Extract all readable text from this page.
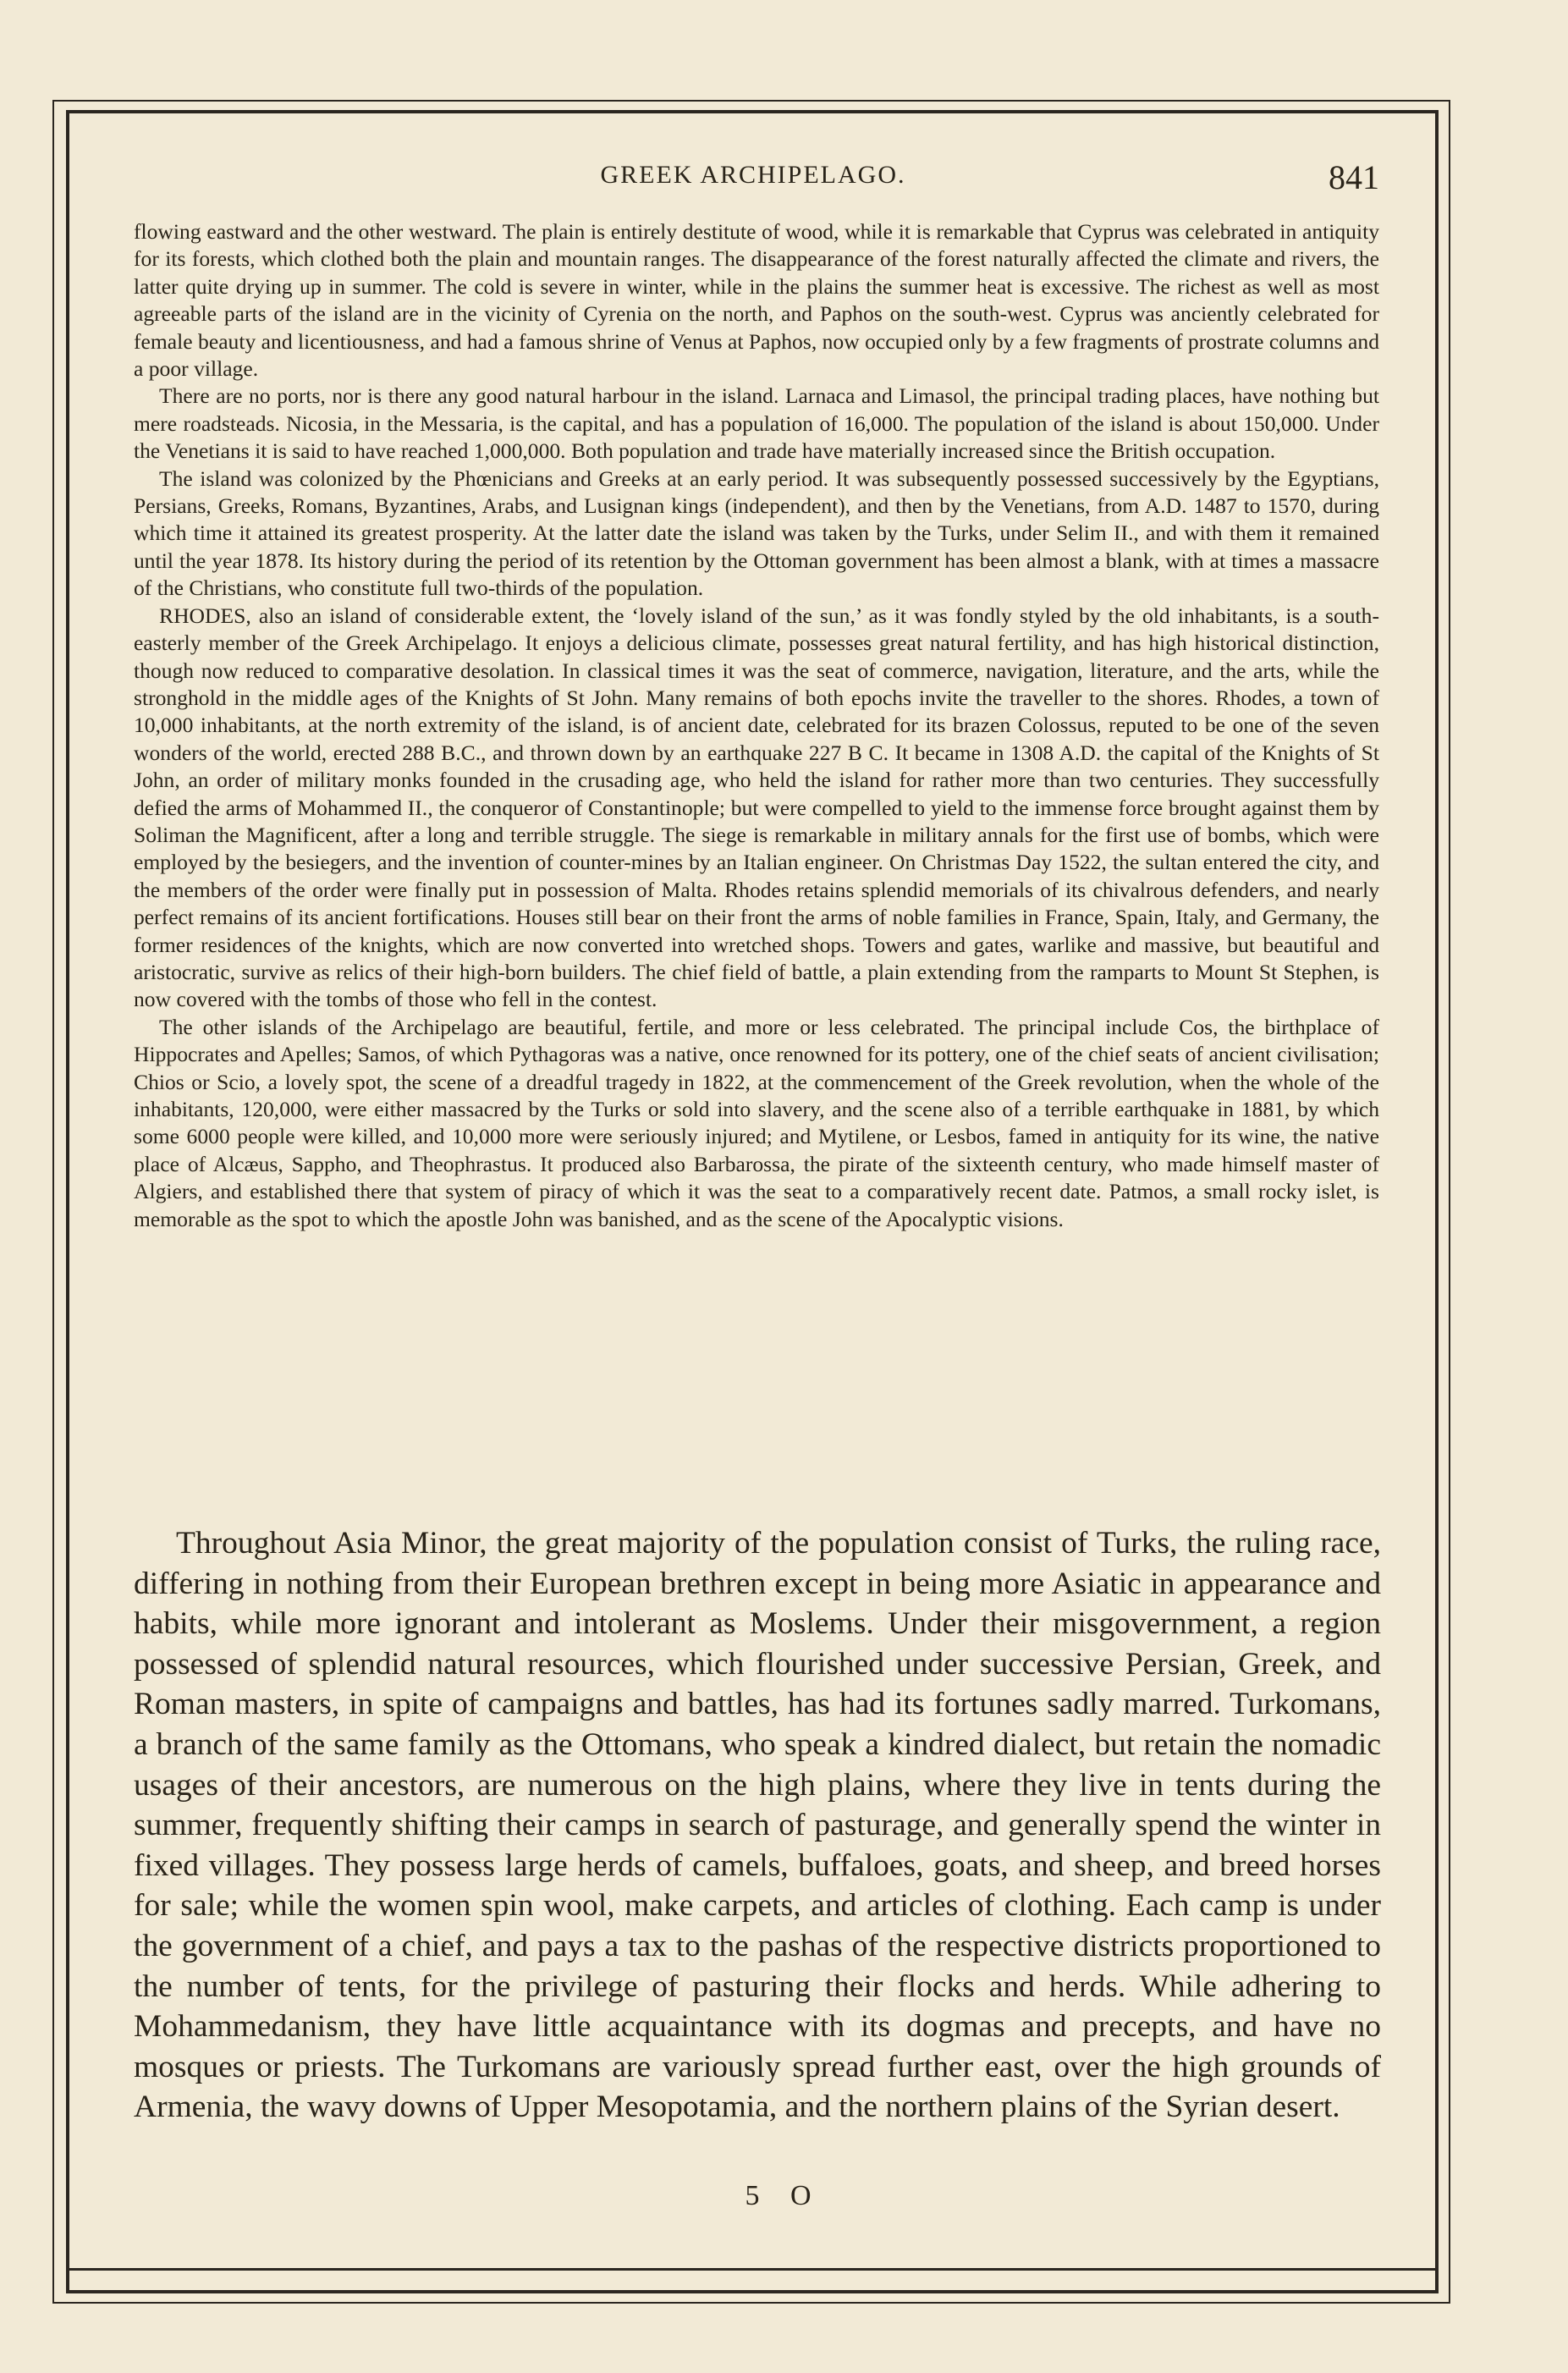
GREEK ARCHIPELAGO.	841

flowing eastward and the other westward. The plain is entirely destitute of wood, while it is remarkable that Cyprus was celebrated in antiquity for its forests, which clothed both the plain and mountain ranges. The disappearance of the forest naturally affected the climate and rivers, the latter quite drying up in summer. The cold is severe in winter, while in the plains the summer heat is excessive. The richest as well as most agreeable parts of the island are in the vicinity of Cyrenia on the north, and Paphos on the south-west. Cyprus was anciently celebrated for female beauty and licentiousness, and had a famous shrine of Venus at Paphos, now occupied only by a few fragments of prostrate columns and a poor village.

There are no ports, nor is there any good natural harbour in the island. Larnaca and Limasol, the principal trading places, have nothing but mere roadsteads. Nicosia, in the Messaria, is the capital, and has a population of 16,000. The population of the island is about 150,000. Under the Venetians it is said to have reached 1,000,000. Both population and trade have materially increased since the British occupation.

The island was colonized by the Phœnicians and Greeks at an early period. It was subsequently possessed successively by the Egyptians, Persians, Greeks, Romans, Byzantines, Arabs, and Lusignan kings (independent), and then by the Venetians, from A.D. 1487 to 1570, during which time it attained its greatest prosperity. At the latter date the island was taken by the Turks, under Selim II., and with them it remained until the year 1878. Its history during the period of its retention by the Ottoman government has been almost a blank, with at times a massacre of the Christians, who constitute full two-thirds of the population.

RHODES, also an island of considerable extent, the ‘lovely island of the sun,’ as it was fondly styled by the old inhabitants, is a south-easterly member of the Greek Archipelago. It enjoys a delicious climate, possesses great natural fertility, and has high historical distinction, though now reduced to comparative desolation. In classical times it was the seat of commerce, navigation, literature, and the arts, while the stronghold in the middle ages of the Knights of St John. Many remains of both epochs invite the traveller to the shores. Rhodes, a town of 10,000 inhabitants, at the north extremity of the island, is of ancient date, celebrated for its brazen Colossus, reputed to be one of the seven wonders of the world, erected 288 B.C., and thrown down by an earthquake 227 B C. It became in 1308 A.D. the capital of the Knights of St John, an order of military monks founded in the crusading age, who held the island for rather more than two centuries. They successfully defied the arms of Mohammed II., the conqueror of Constantinople; but were compelled to yield to the immense force brought against them by Soliman the Magnificent, after a long and terrible struggle. The siege is remarkable in military annals for the first use of bombs, which were employed by the besiegers, and the invention of counter-mines by an Italian engineer. On Christmas Day 1522, the sultan entered the city, and the members of the order were finally put in possession of Malta. Rhodes retains splendid memorials of its chivalrous defenders, and nearly perfect remains of its ancient fortifications. Houses still bear on their front the arms of noble families in France, Spain, Italy, and Germany, the former residences of the knights, which are now converted into wretched shops. Towers and gates, warlike and massive, but beautiful and aristocratic, survive as relics of their high-born builders. The chief field of battle, a plain extending from the ramparts to Mount St Stephen, is now covered with the tombs of those who fell in the contest.

The other islands of the Archipelago are beautiful, fertile, and more or less celebrated. The principal include Cos, the birthplace of Hippocrates and Apelles; Samos, of which Pythagoras was a native, once renowned for its pottery, one of the chief seats of ancient civilisation; Chios or Scio, a lovely spot, the scene of a dreadful tragedy in 1822, at the commencement of the Greek revolution, when the whole of the inhabitants, 120,000, were either massacred by the Turks or sold into slavery, and the scene also of a terrible earthquake in 1881, by which some 6000 people were killed, and 10,000 more were seriously injured; and Mytilene, or Lesbos, famed in antiquity for its wine, the native place of Alcæus, Sappho, and Theophrastus. It produced also Barbarossa, the pirate of the sixteenth century, who made himself master of Algiers, and established there that system of piracy of which it was the seat to a comparatively recent date. Patmos, a small rocky islet, is memorable as the spot to which the apostle John was banished, and as the scene of the Apocalyptic visions.

Throughout Asia Minor, the great majority of the population consist of Turks, the ruling race, differing in nothing from their European brethren except in being more Asiatic in appearance and habits, while more ignorant and intolerant as Moslems. Under their misgovernment, a region possessed of splendid natural resources, which flourished under successive Persian, Greek, and Roman masters, in spite of campaigns and battles, has had its fortunes sadly marred. Turkomans, a branch of the same family as the Ottomans, who speak a kindred dialect, but retain the nomadic usages of their ancestors, are numerous on the high plains, where they live in tents during the summer, frequently shifting their camps in search of pasturage, and generally spend the winter in fixed villages. They possess large herds of camels, buffaloes, goats, and sheep, and breed horses for sale; while the women spin wool, make carpets, and articles of clothing. Each camp is under the government of a chief, and pays a tax to the pashas of the respective districts proportioned to the number of tents, for the privilege of pasturing their flocks and herds. While adhering to Mohammedanism, they have little acquaintance with its dogmas and precepts, and have no mosques or priests. The Turkomans are variously spread further east, over the high grounds of Armenia, the wavy downs of Upper Mesopotamia, and the northern plains of the Syrian desert.

5 O
